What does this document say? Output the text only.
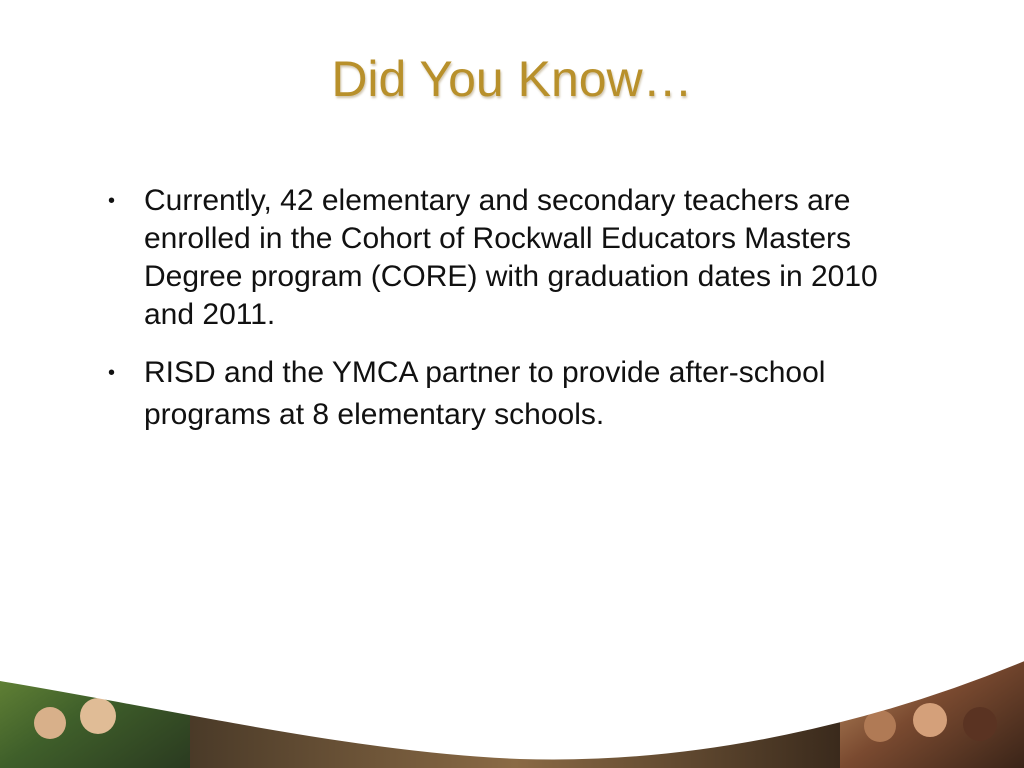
Did You Know…
• Currently, 42 elementary and secondary teachers are enrolled in the Cohort of Rockwall Educators Masters Degree program (CORE) with graduation dates in 2010 and 2011.
• RISD and the YMCA partner to provide after-school programs at 8 elementary schools.
